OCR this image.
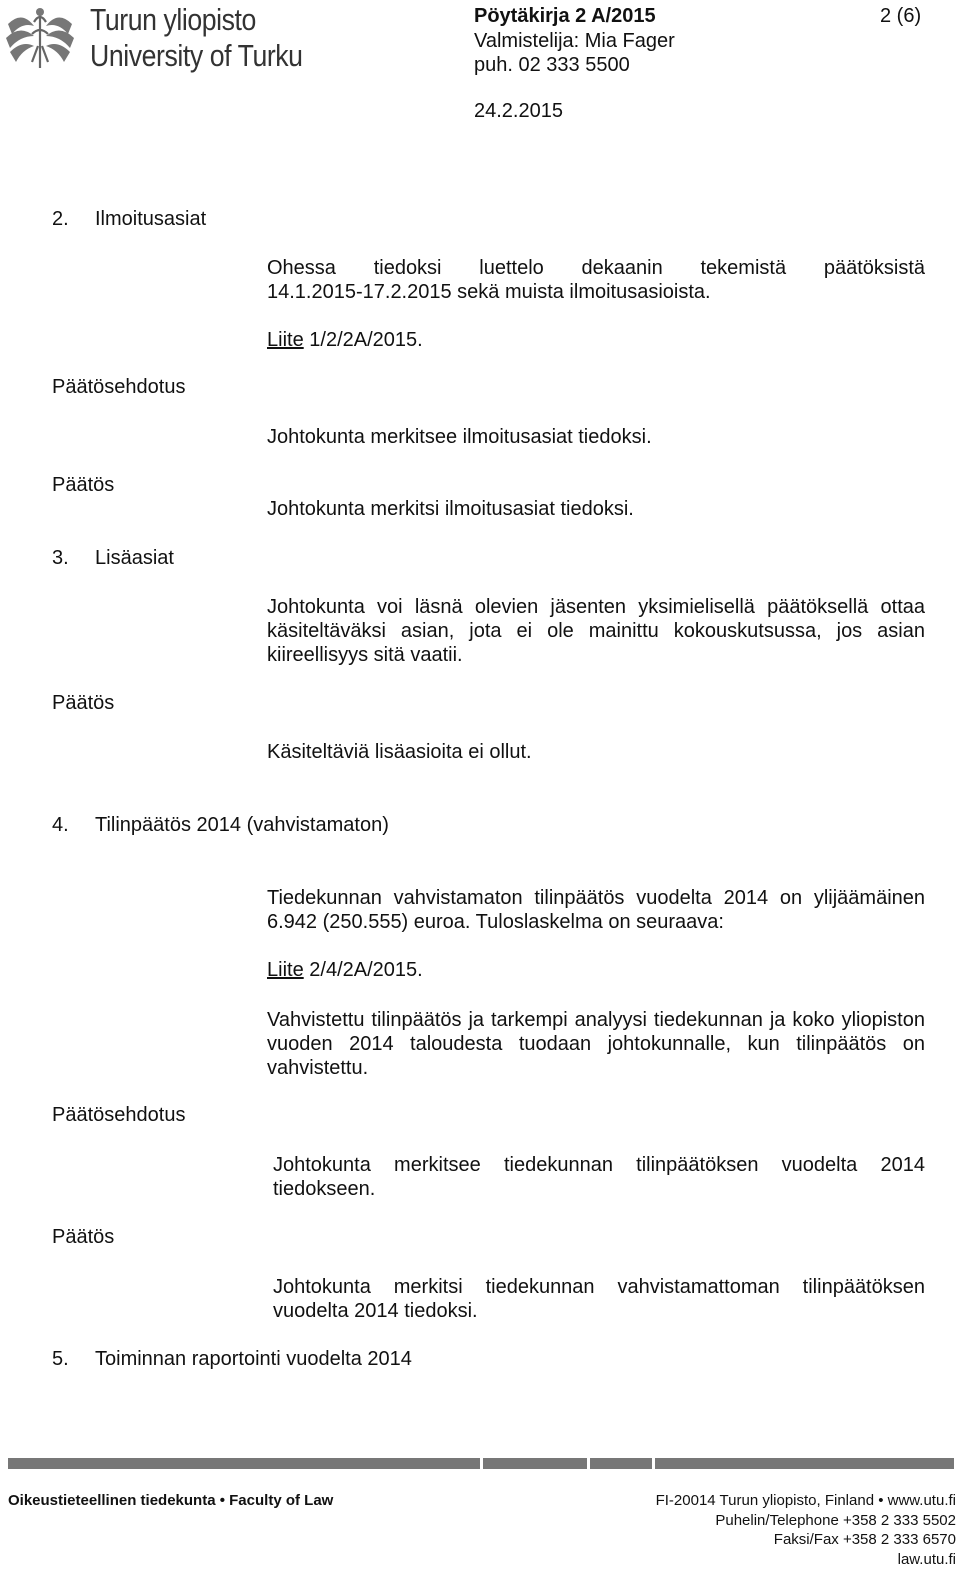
Turun yliopisto
University of Turku
Pöytäkirja 2 A/2015	2 (6)
Valmistelija: Mia Fager
puh. 02 333 5500
24.2.2015
2. Ilmoitusasiat
Ohessa tiedoksi luettelo dekaanin tekemistä päätöksistä 14.1.2015‑17.2.2015 sekä muista ilmoitusasioista.
Liite 1/2/2A/2015.
Päätösehdotus
Johtokunta merkitsee ilmoitusasiat tiedoksi.
Päätös
Johtokunta merkitsi ilmoitusasiat tiedoksi.
3. Lisäasiat
Johtokunta voi läsnä olevien jäsenten yksimielisellä päätöksellä ottaa käsiteltäväksi asian, jota ei ole mainittu kokouskutsussa, jos asian kiireellisyys sitä vaatii.
Päätös
Käsiteltäviä lisäasioita ei ollut.
4. Tilinpäätös 2014 (vahvistamaton)
Tiedekunnan vahvistamaton tilinpäätös vuodelta 2014 on ylijäämäinen 6.942 (250.555) euroa. Tuloslaskelma on seuraava:
Liite 2/4/2A/2015.
Vahvistettu tilinpäätös ja tarkempi analyysi tiedekunnan ja koko yliopiston vuoden 2014 taloudesta tuodaan johtokunnalle, kun tilinpäätös on vahvistettu.
Päätösehdotus
Johtokunta merkitsee tiedekunnan tilinpäätöksen vuodelta 2014 tiedokseen.
Päätös
Johtokunta merkitsi tiedekunnan vahvistamattoman tilinpäätöksen vuodelta 2014 tiedoksi.
5. Toiminnan raportointi vuodelta 2014
Oikeustieteellinen tiedekunta • Faculty of Law	FI-20014 Turun yliopisto, Finland • www.utu.fi
Puhelin/Telephone +358 2 333 5502
Faksi/Fax +358 2 333 6570
law.utu.fi
